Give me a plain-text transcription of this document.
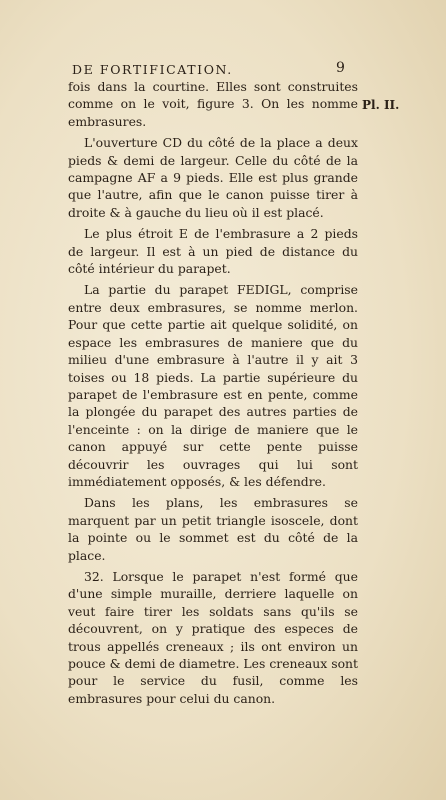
DE FORTIFICATION.	9
Pl. II.

fois dans la courtine. Elles sont construites comme on le voit, figure 3. On les nomme embrasures.

L'ouverture CD du côté de la place a deux pieds & demi de largeur. Celle du côté de la campagne AF a 9 pieds. Elle est plus grande que l'autre, afin que le canon puisse tirer à droite & à gauche du lieu où il est placé.

Le plus étroit E de l'embrasure a 2 pieds de largeur. Il est à un pied de distance du côté intérieur du parapet.

La partie du parapet FEDIGL, comprise entre deux embrasures, se nomme merlon. Pour que cette partie ait quelque solidité, on espace les embrasures de maniere que du milieu d'une embrasure à l'autre il y ait 3 toises ou 18 pieds. La partie supérieure du parapet de l'embrasure est en pente, comme la plongée du parapet des autres parties de l'enceinte : on la dirige de maniere que le canon appuyé sur cette pente puisse découvrir les ouvrages qui lui sont immédiatement opposés, & les défendre.

Dans les plans, les embrasures se marquent par un petit triangle isoscele, dont la pointe ou le sommet est du côté de la place.

32. Lorsque le parapet n'est formé que d'une simple muraille, derriere laquelle on veut faire tirer les soldats sans qu'ils se découvrent, on y pratique des especes de trous appellés creneaux ; ils ont environ un pouce & demi de diametre. Les creneaux sont pour le service du fusil, comme les embrasures pour celui du canon.
